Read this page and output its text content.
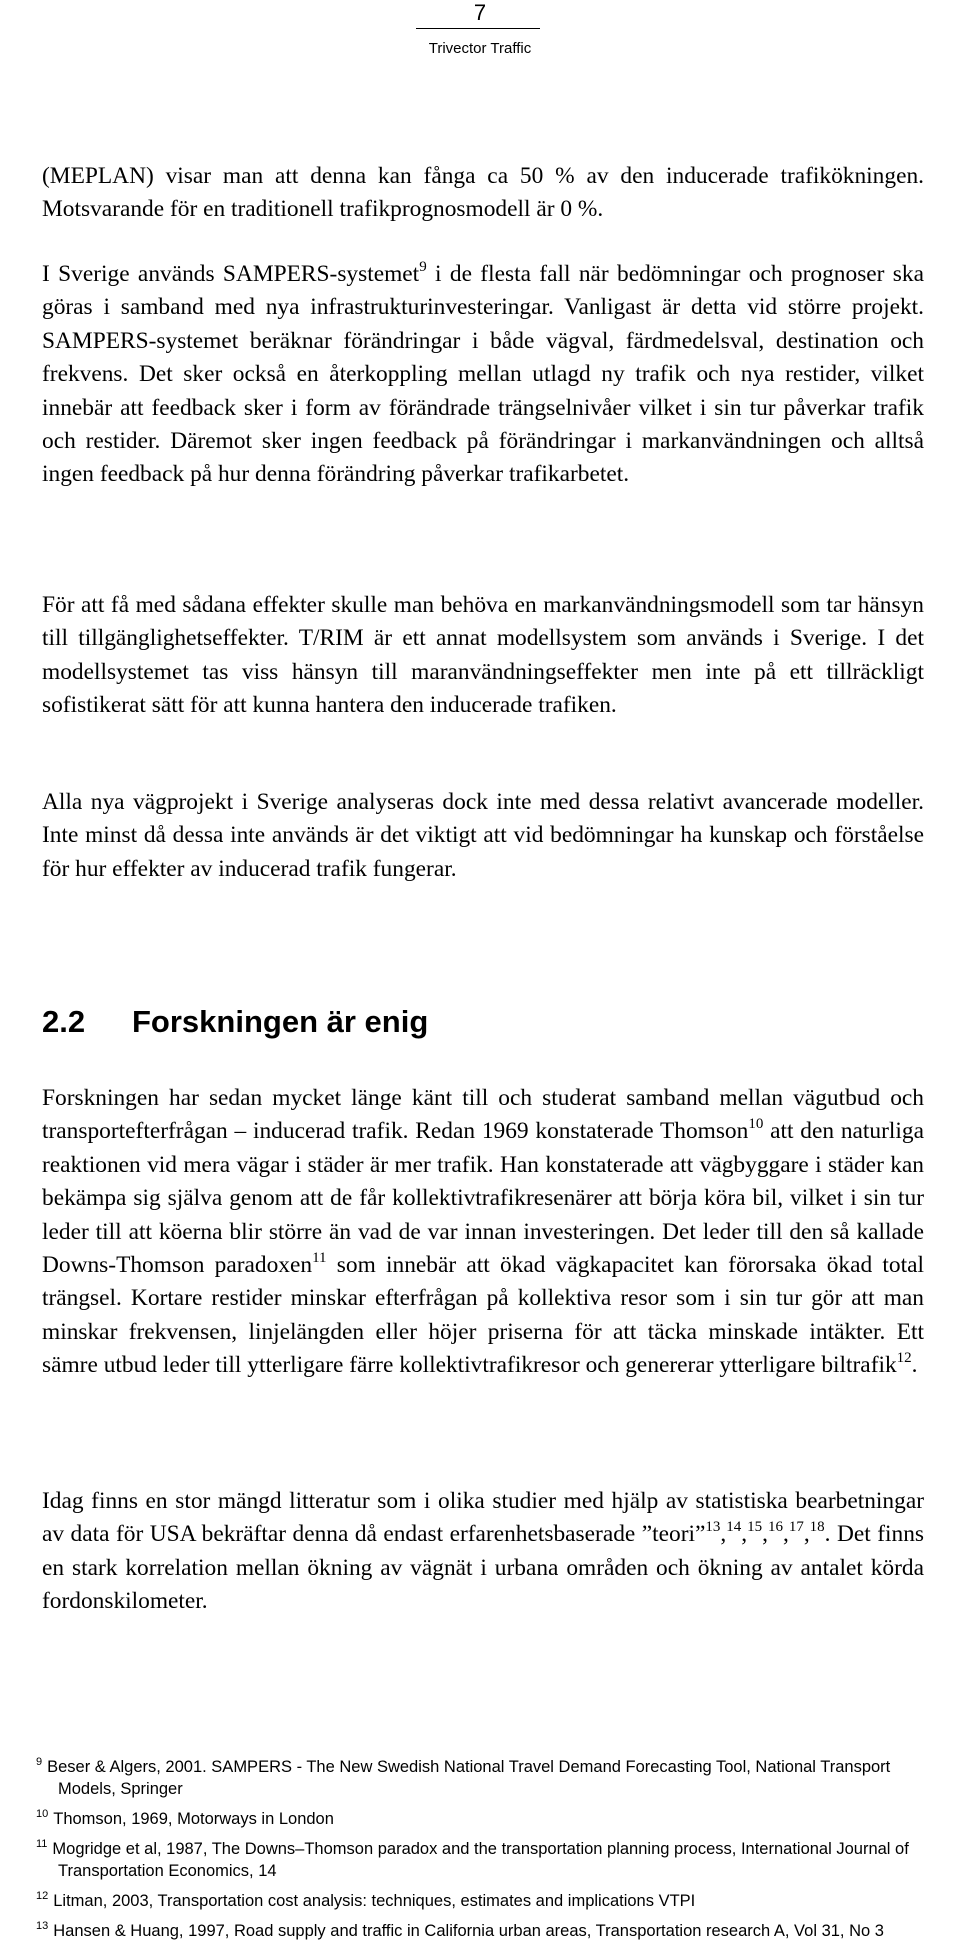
7
Trivector Traffic

(MEPLAN) visar man att denna kan fånga ca 50 % av den inducerade trafikökningen. Motsvarande för en traditionell trafikprognosmodell är 0 %.

I Sverige används SAMPERS-systemet$^9$ i de flesta fall när bedömningar och prognoser ska göras i samband med nya infrastrukturinvesteringar. Vanligast är detta vid större projekt. SAMPERS-systemet beräknar förändringar i både vägval, färdmedelsval, destination och frekvens. Det sker också en återkoppling mellan utlagd ny trafik och nya restider, vilket innebär att feedback sker i form av förändrade trängselnivåer vilket i sin tur påverkar trafik och restider. Däremot sker ingen feedback på förändringar i markanvändningen och alltså ingen feedback på hur denna förändring påverkar trafikarbetet.

För att få med sådana effekter skulle man behöva en markanvändningsmodell som tar hänsyn till tillgänglighetseffekter. T/RIM är ett annat modellsystem som används i Sverige. I det modellsystemet tas viss hänsyn till maranvändningseffekter men inte på ett tillräckligt sofistikerat sätt för att kunna hantera den inducerade trafiken.

Alla nya vägprojekt i Sverige analyseras dock inte med dessa relativt avancerade modeller. Inte minst då dessa inte används är det viktigt att vid bedömningar ha kunskap och förståelse för hur effekter av inducerad trafik fungerar.

2.2 Forskningen är enig

Forskningen har sedan mycket länge känt till och studerat samband mellan vägutbud och transportefterfrågan – inducerad trafik. Redan 1969 konstaterade Thomson$^{10}$ att den naturliga reaktionen vid mera vägar i städer är mer trafik. Han konstaterade att vägbyggare i städer kan bekämpa sig själva genom att de får kollektivtrafikresenärer att börja köra bil, vilket i sin tur leder till att köerna blir större än vad de var innan investeringen. Det leder till den så kallade Downs-Thomson paradoxen$^{11}$ som innebär att ökad vägkapacitet kan förorsaka ökad total trängsel. Kortare restider minskar efterfrågan på kollektiva resor som i sin tur gör att man minskar frekvensen, linjelängden eller höjer priserna för att täcka minskade intäkter. Ett sämre utbud leder till ytterligare färre kollektivtrafikresor och genererar ytterligare biltrafik$^{12}$.

Idag finns en stor mängd litteratur som i olika studier med hjälp av statistiska bearbetningar av data för USA bekräftar denna då endast erfarenhetsbaserade ”teori”$^{13}$,$^{14}$,$^{15}$,$^{16}$,$^{17}$,$^{18}$. Det finns en stark korrelation mellan ökning av vägnät i urbana områden och ökning av antalet körda fordonskilometer.

$^9$ Beser & Algers, 2001. SAMPERS - The New Swedish National Travel Demand Forecasting Tool, National Transport Models, Springer
$^{10}$ Thomson, 1969, Motorways in London
$^{11}$ Mogridge et al, 1987, The Downs–Thomson paradox and the transportation planning process, International Journal of Transportation Economics, 14
$^{12}$ Litman, 2003, Transportation cost analysis: techniques, estimates and implications VTPI
$^{13}$ Hansen & Huang, 1997, Road supply and traffic in California urban areas, Transportation research A, Vol 31, No 3
